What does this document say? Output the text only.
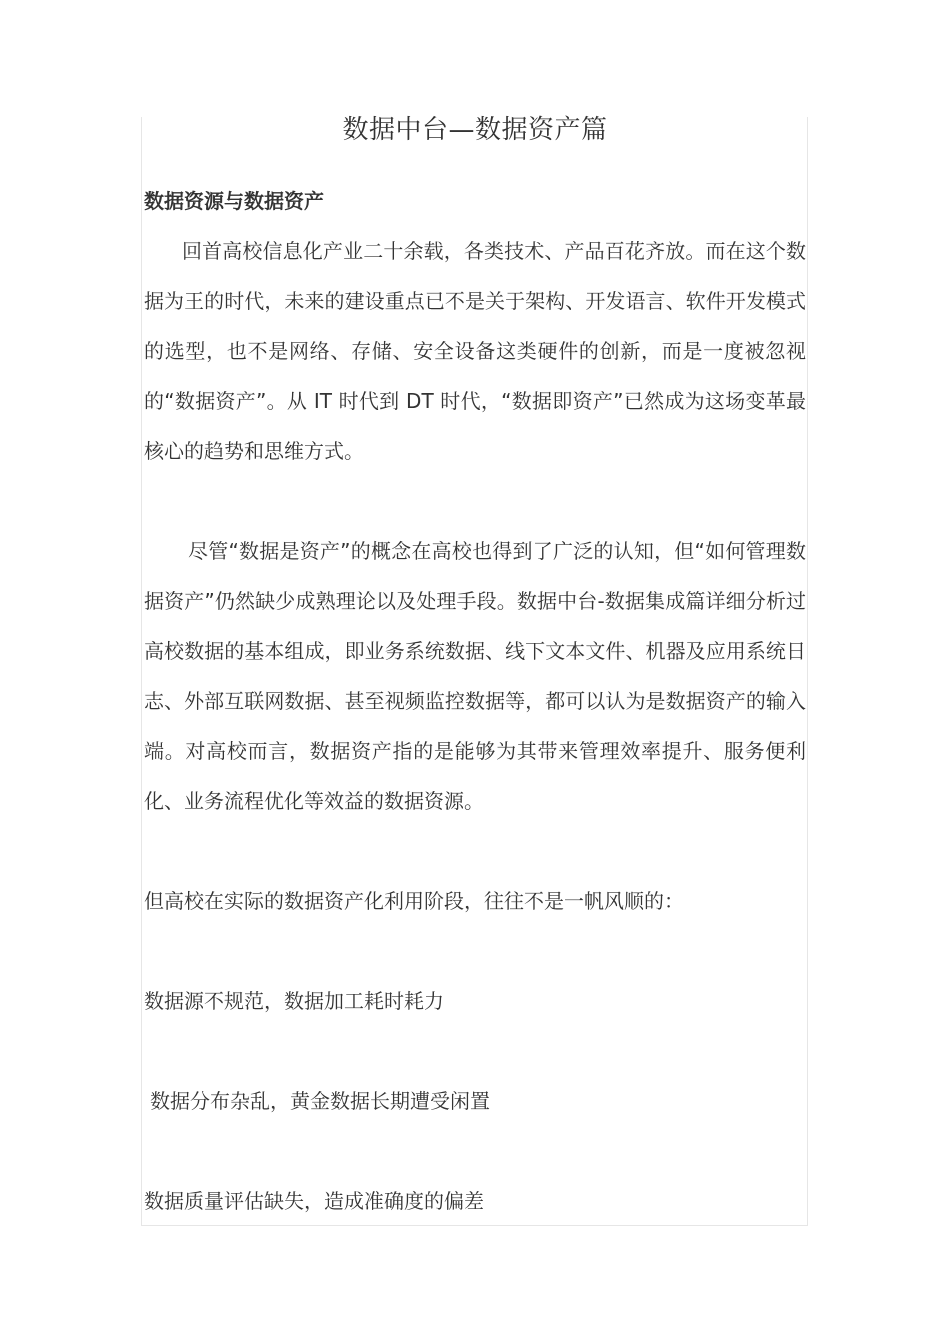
数据中台—数据资产篇
数据资源与数据资产

回首高校信息化产业二十余载，各类技术、产品百花齐放。而在这个数据为王的时代，未来的建设重点已不是关于架构、开发语言、软件开发模式的选型，也不是网络、存储、安全设备这类硬件的创新，而是一度被忽视的“数据资产”。从 IT 时代到 DT 时代，“数据即资产”已然成为这场变革最核心的趋势和思维方式。

尽管“数据是资产”的概念在高校也得到了广泛的认知，但“如何管理数据资产”仍然缺少成熟理论以及处理手段。数据中台-数据集成篇详细分析过高校数据的基本组成，即业务系统数据、线下文本文件、机器及应用系统日志、外部互联网数据、甚至视频监控数据等，都可以认为是数据资产的输入端。对高校而言，数据资产指的是能够为其带来管理效率提升、服务便利化、业务流程优化等效益的数据资源。

但高校在实际的数据资产化利用阶段，往往不是一帆风顺的：

数据源不规范，数据加工耗时耗力

数据分布杂乱，黄金数据长期遭受闲置

数据质量评估缺失，造成准确度的偏差
